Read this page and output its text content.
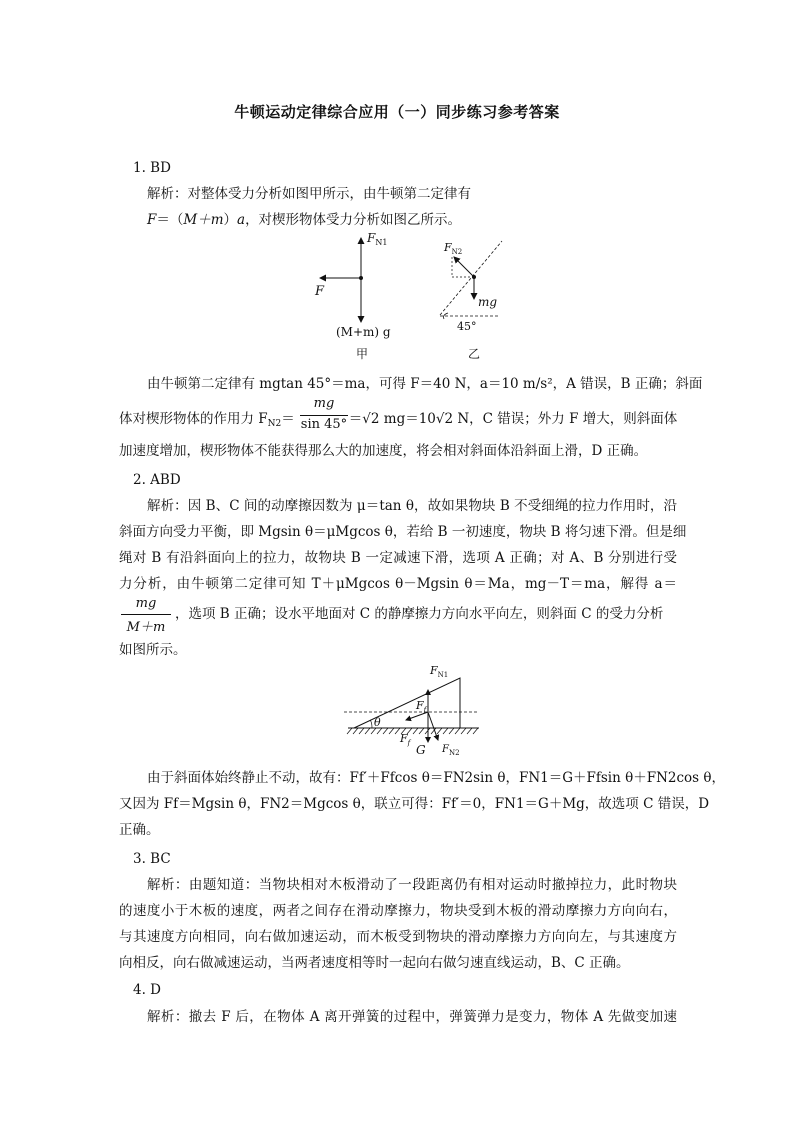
牛顿运动定律综合应用（一）同步练习参考答案
1. BD
解析：对整体受力分析如图甲所示，由牛顿第二定律有
F＝（M＋m）a，对楔形物体受力分析如图乙所示。
$F_{N1}$
F
(M+m) g
甲
$F_{N2}$
mg
45°
乙
由牛顿第二定律有 mgtan 45°＝ma，可得 F＝40 N，a＝10 m/s²，A 错误，B 正确；斜面
体对楔形物体的作用力 $F_{N2}=$	＝√2 mg＝10√2 N，C 错误；外力 F 增大，则斜面体
mg
sin 45°
加速度增加，楔形物体不能获得那么大的加速度，将会相对斜面体沿斜面上滑，D 正确。
2. ABD
解析：因 B、C 间的动摩擦因数为 μ＝tan θ，故如果物块 B 不受细绳的拉力作用时，沿
斜面方向受力平衡，即 Mgsin θ＝μMgcos θ，若给 B 一初速度，物块 B 将匀速下滑。但是细
绳对 B 有沿斜面向上的拉力，故物块 B 一定减速下滑，选项 A 正确；对 A、B 分别进行受
力分析，由牛顿第二定律可知 T＋μMgcos θ－Mgsin θ＝Ma，mg－T＝ma，解得 a＝
mg
M＋m
，选项 B 正确；设水平地面对 C 的静摩擦力方向水平向左，则斜面 C 的受力分析
如图所示。
$F_{N1}$
$F_f$
θ
$F_f$ G $F_{N2}$
由于斜面体始终静止不动，故有：Ff′＋Ffcos θ＝FN2sin θ，FN1＝G＋Ffsin θ＋FN2cos θ，
又因为 Ff＝Mgsin θ，FN2＝Mgcos θ，联立可得：Ff′＝0，FN1＝G＋Mg，故选项 C 错误，D
正确。
3. BC
解析：由题知道：当物块相对木板滑动了一段距离仍有相对运动时撤掉拉力，此时物块
的速度小于木板的速度，两者之间存在滑动摩擦力，物块受到木板的滑动摩擦力方向向右，
与其速度方向相同，向右做加速运动，而木板受到物块的滑动摩擦力方向向左，与其速度方
向相反，向右做减速运动，当两者速度相等时一起向右做匀速直线运动，B、C 正确。
4. D
解析：撤去 F 后，在物体 A 离开弹簧的过程中，弹簧弹力是变力，物体 A 先做变加速
